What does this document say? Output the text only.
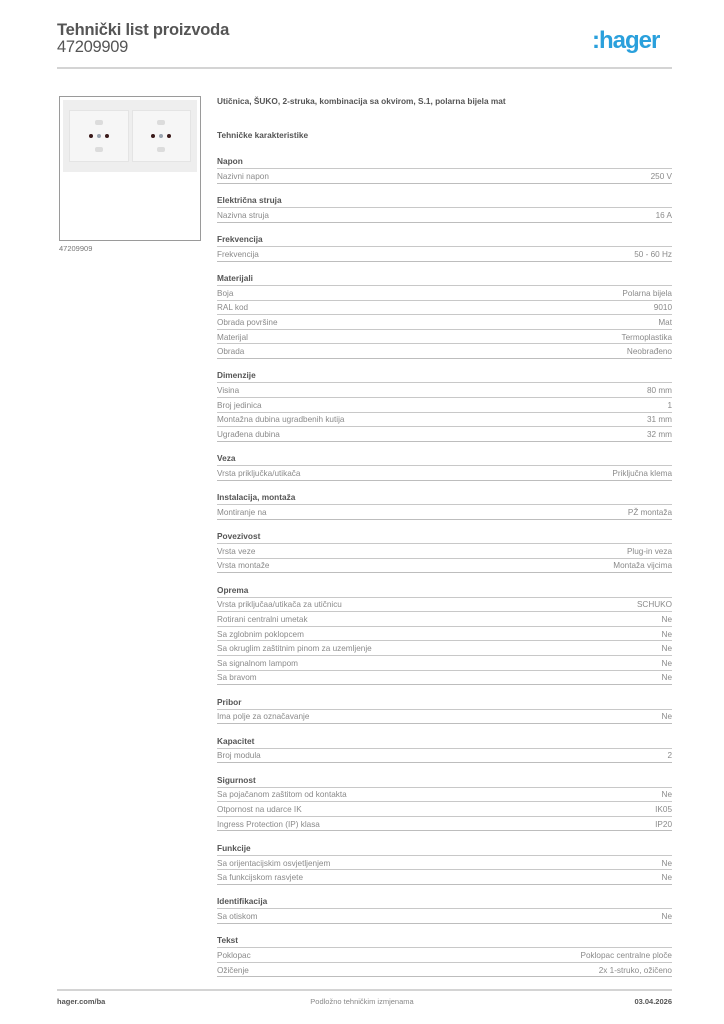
Tehnički list proizvoda
47209909	:hager
47209909
Utičnica, ŠUKO, 2-struka, kombinacija sa okvirom, S.1, polarna bijela mat
Tehničke karakteristike
Napon
Nazivni napon	250 V
Električna struja
Nazivna struja	16 A
Frekvencija
Frekvencija	50 - 60 Hz
Materijali
Boja	Polarna bijela
RAL kod	9010
Obrada površine	Mat
Materijal	Termoplastika
Obrada	Neobrađeno
Dimenzije
Visina	80 mm
Broj jedinica	1
Montažna dubina ugradbenih kutija	31 mm
Ugrađena dubina	32 mm
Veza
Vrsta priključka/utikača	Priključna klema
Instalacija, montaža
Montiranje na	PŽ montaža
Povezivost
Vrsta veze	Plug-in veza
Vrsta montaže	Montaža vijcima
Oprema
Vrsta priključaa/utikača za utičnicu	SCHUKO
Rotirani centralni umetak	Ne
Sa zglobnim poklopcem	Ne
Sa okruglim zaštitnim pinom za uzemljenje	Ne
Sa signalnom lampom	Ne
Sa bravom	Ne
Pribor
Ima polje za označavanje	Ne
Kapacitet
Broj modula	2
Sigurnost
Sa pojačanom zaštitom od kontakta	Ne
Otpornost na udarce IK	IK05
Ingress Protection (IP) klasa	IP20
Funkcije
Sa orijentacijskim osvjetljenjem	Ne
Sa funkcijskom rasvjete	Ne
Identifikacija
Sa otiskom	Ne
Tekst
Poklopac	Poklopac centralne ploče
Ožičenje	2x 1-struko, ožičeno
hager.com/ba	Podložno tehničkim izmjenama	03.04.2026
